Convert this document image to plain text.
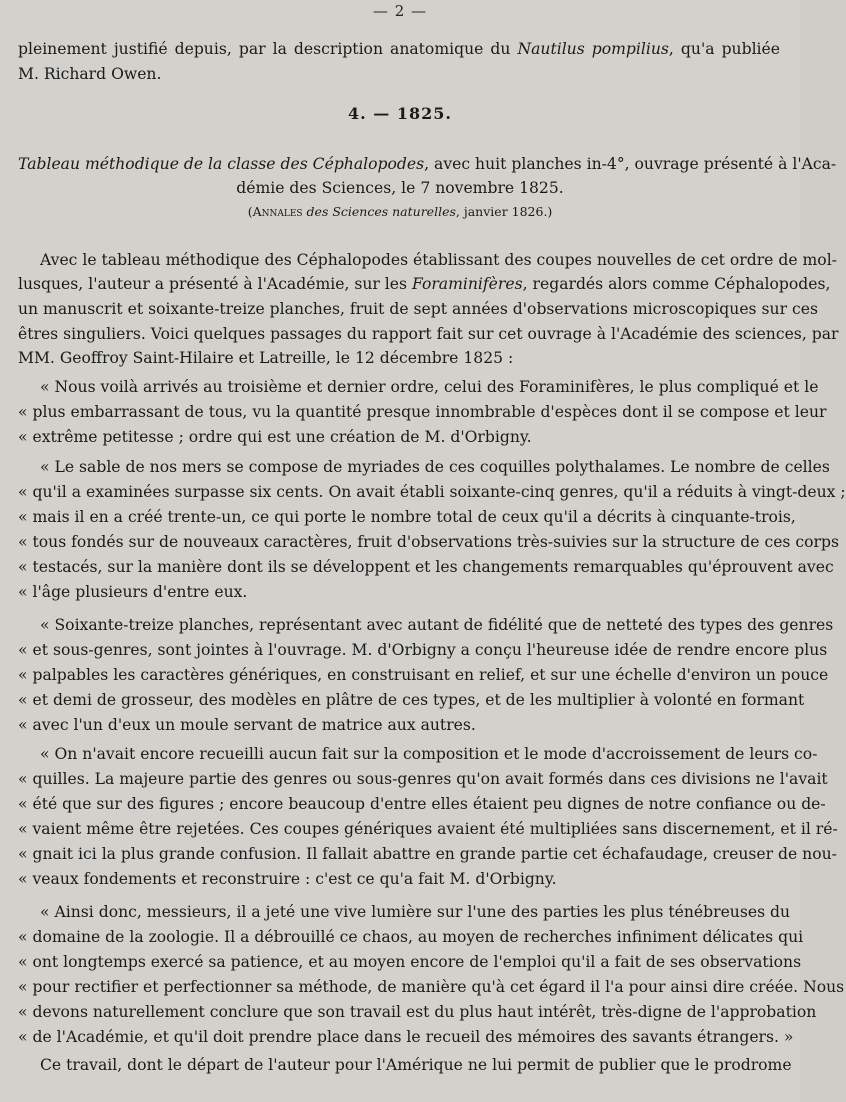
— 2 —
pleinement justifié depuis, par la description anatomique du Nautilus pompilius, qu'a publiée
M. Richard Owen.
4. — 1825.
Tableau méthodique de la classe des Céphalopodes, avec huit planches in-4°, ouvrage présenté à l'Aca-
démie des Sciences, le 7 novembre 1825.
(Annales des Sciences naturelles, janvier 1826.)
Avec le tableau méthodique des Céphalopodes établissant des coupes nouvelles de cet ordre de mol-
lusques, l'auteur a présenté à l'Académie, sur les Foraminifères, regardés alors comme Céphalopodes,
un manuscrit et soixante-treize planches, fruit de sept années d'observations microscopiques sur ces
êtres singuliers. Voici quelques passages du rapport fait sur cet ouvrage à l'Académie des sciences, par
MM. Geoffroy Saint-Hilaire et Latreille, le 12 décembre 1825 :
« Nous voilà arrivés au troisième et dernier ordre, celui des Foraminifères, le plus compliqué et le
« plus embarrassant de tous, vu la quantité presque innombrable d'espèces dont il se compose et leur
« extrême petitesse ; ordre qui est une création de M. d'Orbigny.
« Le sable de nos mers se compose de myriades de ces coquilles polythalames. Le nombre de celles
« qu'il a examinées surpasse six cents. On avait établi soixante-cinq genres, qu'il a réduits à vingt-deux ;
« mais il en a créé trente-un, ce qui porte le nombre total de ceux qu'il a décrits à cinquante-trois,
« tous fondés sur de nouveaux caractères, fruit d'observations très-suivies sur la structure de ces corps
« testacés, sur la manière dont ils se développent et les changements remarquables qu'éprouvent avec
« l'âge plusieurs d'entre eux.
« Soixante-treize planches, représentant avec autant de fidélité que de netteté des types des genres
« et sous-genres, sont jointes à l'ouvrage. M. d'Orbigny a conçu l'heureuse idée de rendre encore plus
« palpables les caractères génériques, en construisant en relief, et sur une échelle d'environ un pouce
« et demi de grosseur, des modèles en plâtre de ces types, et de les multiplier à volonté en formant
« avec l'un d'eux un moule servant de matrice aux autres.
« On n'avait encore recueilli aucun fait sur la composition et le mode d'accroissement de leurs co-
« quilles. La majeure partie des genres ou sous-genres qu'on avait formés dans ces divisions ne l'avait
« été que sur des figures ; encore beaucoup d'entre elles étaient peu dignes de notre confiance ou de-
« vaient même être rejetées. Ces coupes génériques avaient été multipliées sans discernement, et il ré-
« gnait ici la plus grande confusion. Il fallait abattre en grande partie cet échafaudage, creuser de nou-
« veaux fondements et reconstruire : c'est ce qu'a fait M. d'Orbigny.
« Ainsi donc, messieurs, il a jeté une vive lumière sur l'une des parties les plus ténébreuses du
« domaine de la zoologie. Il a débrouillé ce chaos, au moyen de recherches infiniment délicates qui
« ont longtemps exercé sa patience, et au moyen encore de l'emploi qu'il a fait de ses observations
« pour rectifier et perfectionner sa méthode, de manière qu'à cet égard il l'a pour ainsi dire créée. Nous
« devons naturellement conclure que son travail est du plus haut intérêt, très-digne de l'approbation
« de l'Académie, et qu'il doit prendre place dans le recueil des mémoires des savants étrangers. »
Ce travail, dont le départ de l'auteur pour l'Amérique ne lui permit de publier que le prodrome
